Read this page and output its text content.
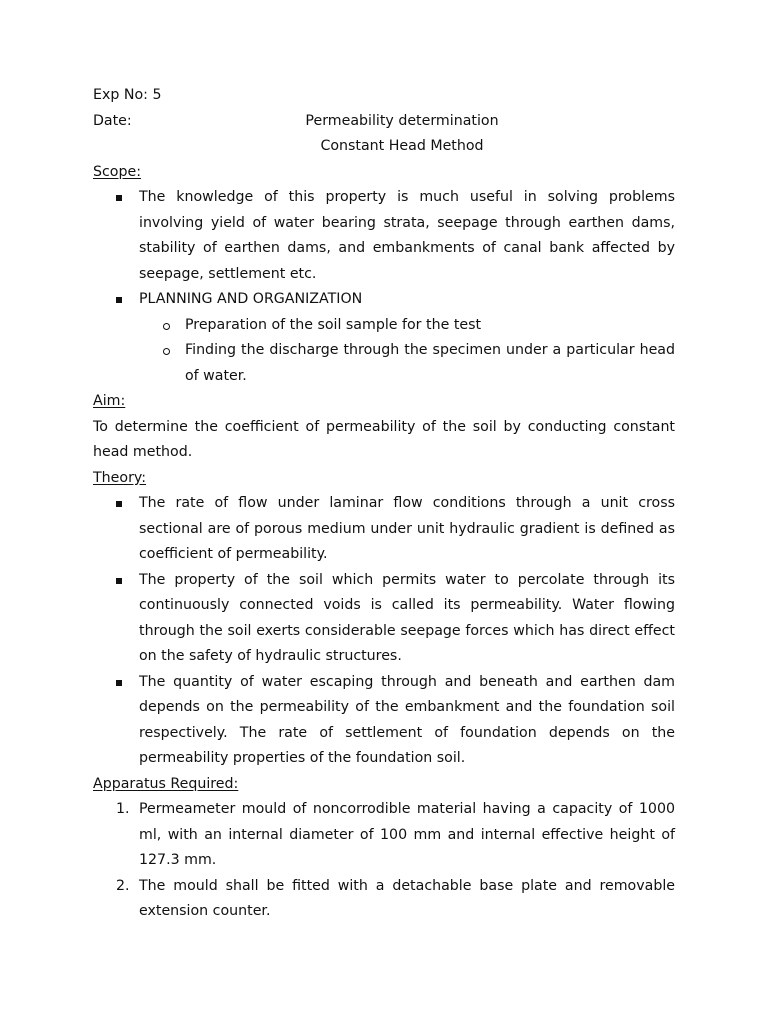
Exp No: 5

Date:	Permeability determination

Constant Head Method

Scope:

The knowledge of this property is much useful in solving problems involving yield of water bearing strata, seepage through earthen dams, stability of earthen dams, and embankments of canal bank affected by seepage, settlement etc.
PLANNING AND ORGANIZATION
Preparation of the soil sample for the test
Finding the discharge through the specimen under a particular head of water.

Aim:

To determine the coefficient of permeability of the soil by conducting constant head method.

Theory:

The rate of flow under laminar flow conditions through a unit cross sectional are of porous medium under unit hydraulic gradient is defined as coefficient of permeability.
The property of the soil which permits water to percolate through its continuously connected voids is called its permeability. Water flowing through the soil exerts considerable seepage forces which has direct effect on the safety of hydraulic structures.
The quantity of water escaping through and beneath and earthen dam depends on the permeability of the embankment and the foundation soil respectively. The rate of settlement of foundation depends on the permeability properties of the foundation soil.

Apparatus Required:

1. Permeameter mould of noncorrodible material having a capacity of 1000 ml, with an internal diameter of 100 mm and internal effective height of 127.3 mm.
2. The mould shall be fitted with a detachable base plate and removable extension counter.
